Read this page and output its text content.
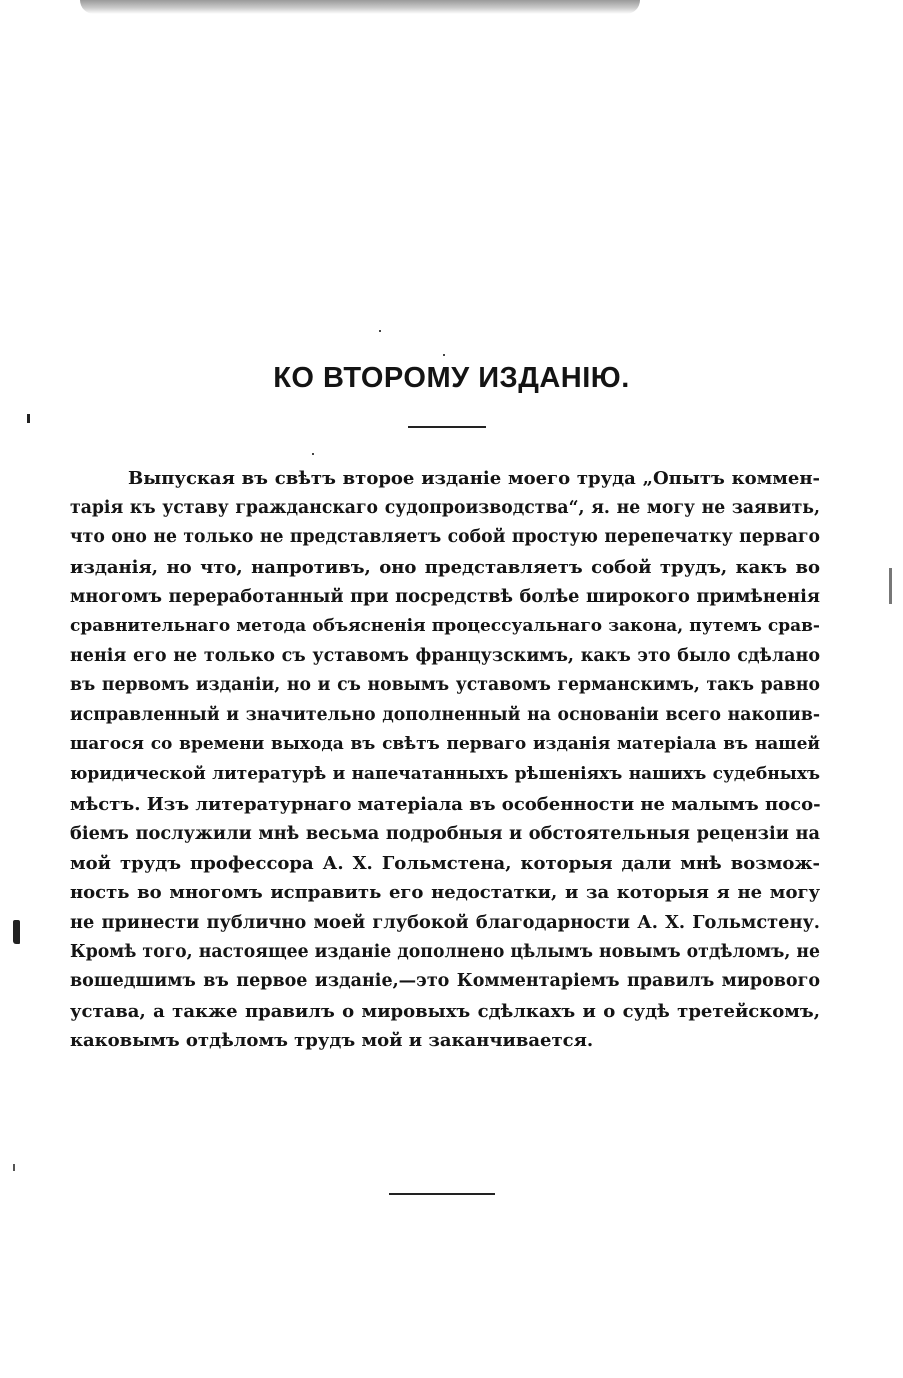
КО ВТОРОМУ ИЗДАНІЮ.
Выпуская въ свѣтъ второе изданіе моего труда „Опытъ коммен-
тарія къ уставу гражданскаго судопроизводства“, я. не могу не заявить,
что оно не только не представляетъ собой простую перепечатку перваго
изданія, но что, напротивъ, оно представляетъ собой трудъ, какъ во
многомъ переработанный при посредствѣ болѣе широкого примѣненія
сравнительнаго метода объясненія процессуальнаго закона, путемъ срав-
ненія его не только съ уставомъ французскимъ, какъ это было сдѣлано
въ первомъ изданіи, но и съ новымъ уставомъ германскимъ, такъ равно
исправленный и значительно дополненный на основаніи всего накопив-
шагося со времени выхода въ свѣтъ перваго изданія матеріала въ нашей
юридической литературѣ и напечатанныхъ рѣшеніяхъ нашихъ судебныхъ
мѣстъ. Изъ литературнаго матеріала въ особенности не малымъ посо-
біемъ послужили мнѣ весьма подробныя и обстоятельныя рецензіи на
мой трудъ профессора А. Х. Гольмстена, которыя дали мнѣ возмож-
ность во многомъ исправить его недостатки, и за которыя я не могу
не принести публично моей глубокой благодарности А. Х. Гольмстену.
Кромѣ того, настоящее изданіе дополнено цѣлымъ новымъ отдѣломъ, не
вошедшимъ въ первое изданіе,—это Комментаріемъ правилъ мирового
устава, а также правилъ о мировыхъ сдѣлкахъ и о судѣ третейскомъ,
каковымъ отдѣломъ трудъ мой и заканчивается.
